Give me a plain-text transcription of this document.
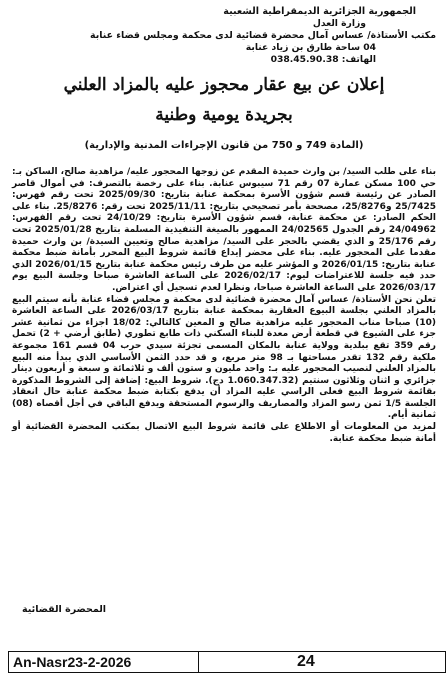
الجمهورية الجزائرية الديمقراطية الشعبية
وزارة العدل
مكتب الأستاذة/ عساس آمال محضرة قضائية لدى محكمة ومجلس قضاء عنابة
04 ساحة طارق بن زياد عنابة
الهاتف: 038.45.90.38
إعلان عن بيع عقار محجوز عليه بالمزاد العلني
بجريدة يومية وطنية
(المادة 749 و 750 من قانون الإجراءات المدنية والإدارية)

بناء على طلب السيد/ بن وارث حميدة المقدم عن زوجها المحجور عليه/ مزاهدية صالح، الساكن بـ: حي 100 مسكن عمارة 07 رقم 71 سيبوس عنابة. بناء على رخصة بالتصرف: في أموال قاصر الصادر عن رئيسة قسم شؤون الأسرة بمحكمة عنابة بتاريخ: 2025/09/30 تحت رقم فهرس: 25/7425 و25/8276، مصححة بأمر تصحيحي بتاريخ: 2025/11/11 تحت رقم: 25/8276. بناء على الحكم الصادر: عن محكمة عنابة، قسم شؤون الأسرة بتاريخ: 24/10/29 تحت رقم الفهرس: 24/04962 رقم الجدول 24/02565 الممهور بالصيغة التنفيذية المسلمة بتاريخ 2025/01/28 تحت رقم 25/176 و الذي يقضي بالحجر على السيد/ مزاهدية صالح وتعيين السيدة/ بن وارث حميدة مقدما على المحجور عليه. بناء على محضر إيداع قائمة شروط البيع المحرر بأمانة ضبط محكمة عنابة بتاريخ: 2026/01/15 و المؤشر عليه من طرف رئيس محكمة عنابة بتاريخ 2026/01/15 الذي حدد فيه جلسة للاعتراضات ليوم: 2026/02/17 على الساعة العاشرة صباحا وجلسة البيع يوم 2026/03/17 على الساعة العاشرة صباحا، ونظرا لعدم تسجيل أي اعتراض.

تعلن نحن الأستاذة/ عساس آمال محضرة قضائية لدى محكمة و مجلس قضاء عنابة بأنه سيتم البيع بالمزاد العلني بجلسة البيوع العقارية بمحكمة عنابة بتاريخ 2026/03/17 على الساعة العاشرة (10) صباحا مناب المحجور عليه مزاهدية صالح و المعين كالتالي: 18/02 اجزاء من ثمانية عشر جزء على الشيوع في قطعة أرض معدة للبناء السكني ذات طابع تطوري (طابق أرضي + 2) تحمل رقم 359 تقع ببلدية وولاية عنابة بالمكان المسمى تجزئة سيدي حرب 04 قسم 161 مجموعة ملكية رقم 132 تقدر مساحتها بـ 98 متر مربع، و قد حدد الثمن الأساسي الذي يبدأ منه البيع بالمزاد العلني لنصيب المحجور عليه بـ: واحد مليون و ستون ألف و ثلاثمائة و سبعة و أربعون دينار جزائري و اثنان وثلاثون سنتيم (1.060.347.32 دج). شروط البيع: إضافة إلى الشروط المذكورة بقائمة شروط البيع فعلى الراسي عليه المزاد أن يدفع بكتابة ضبط محكمة عنابة حال انعقاد الجلسة 1/5 ثمن رسو المزاد والمصاريف والرسوم المستحقة ويدفع الباقي في أجل أقصاه (08) ثمانية أيام.

لمزيد من المعلومات أو الاطلاع على قائمة شروط البيع الاتصال بمكتب المحضرة القضائية أو أمانة ضبط محكمة عنابة.

المحضرة القضائية
An-Nasr23-2-2026	24
